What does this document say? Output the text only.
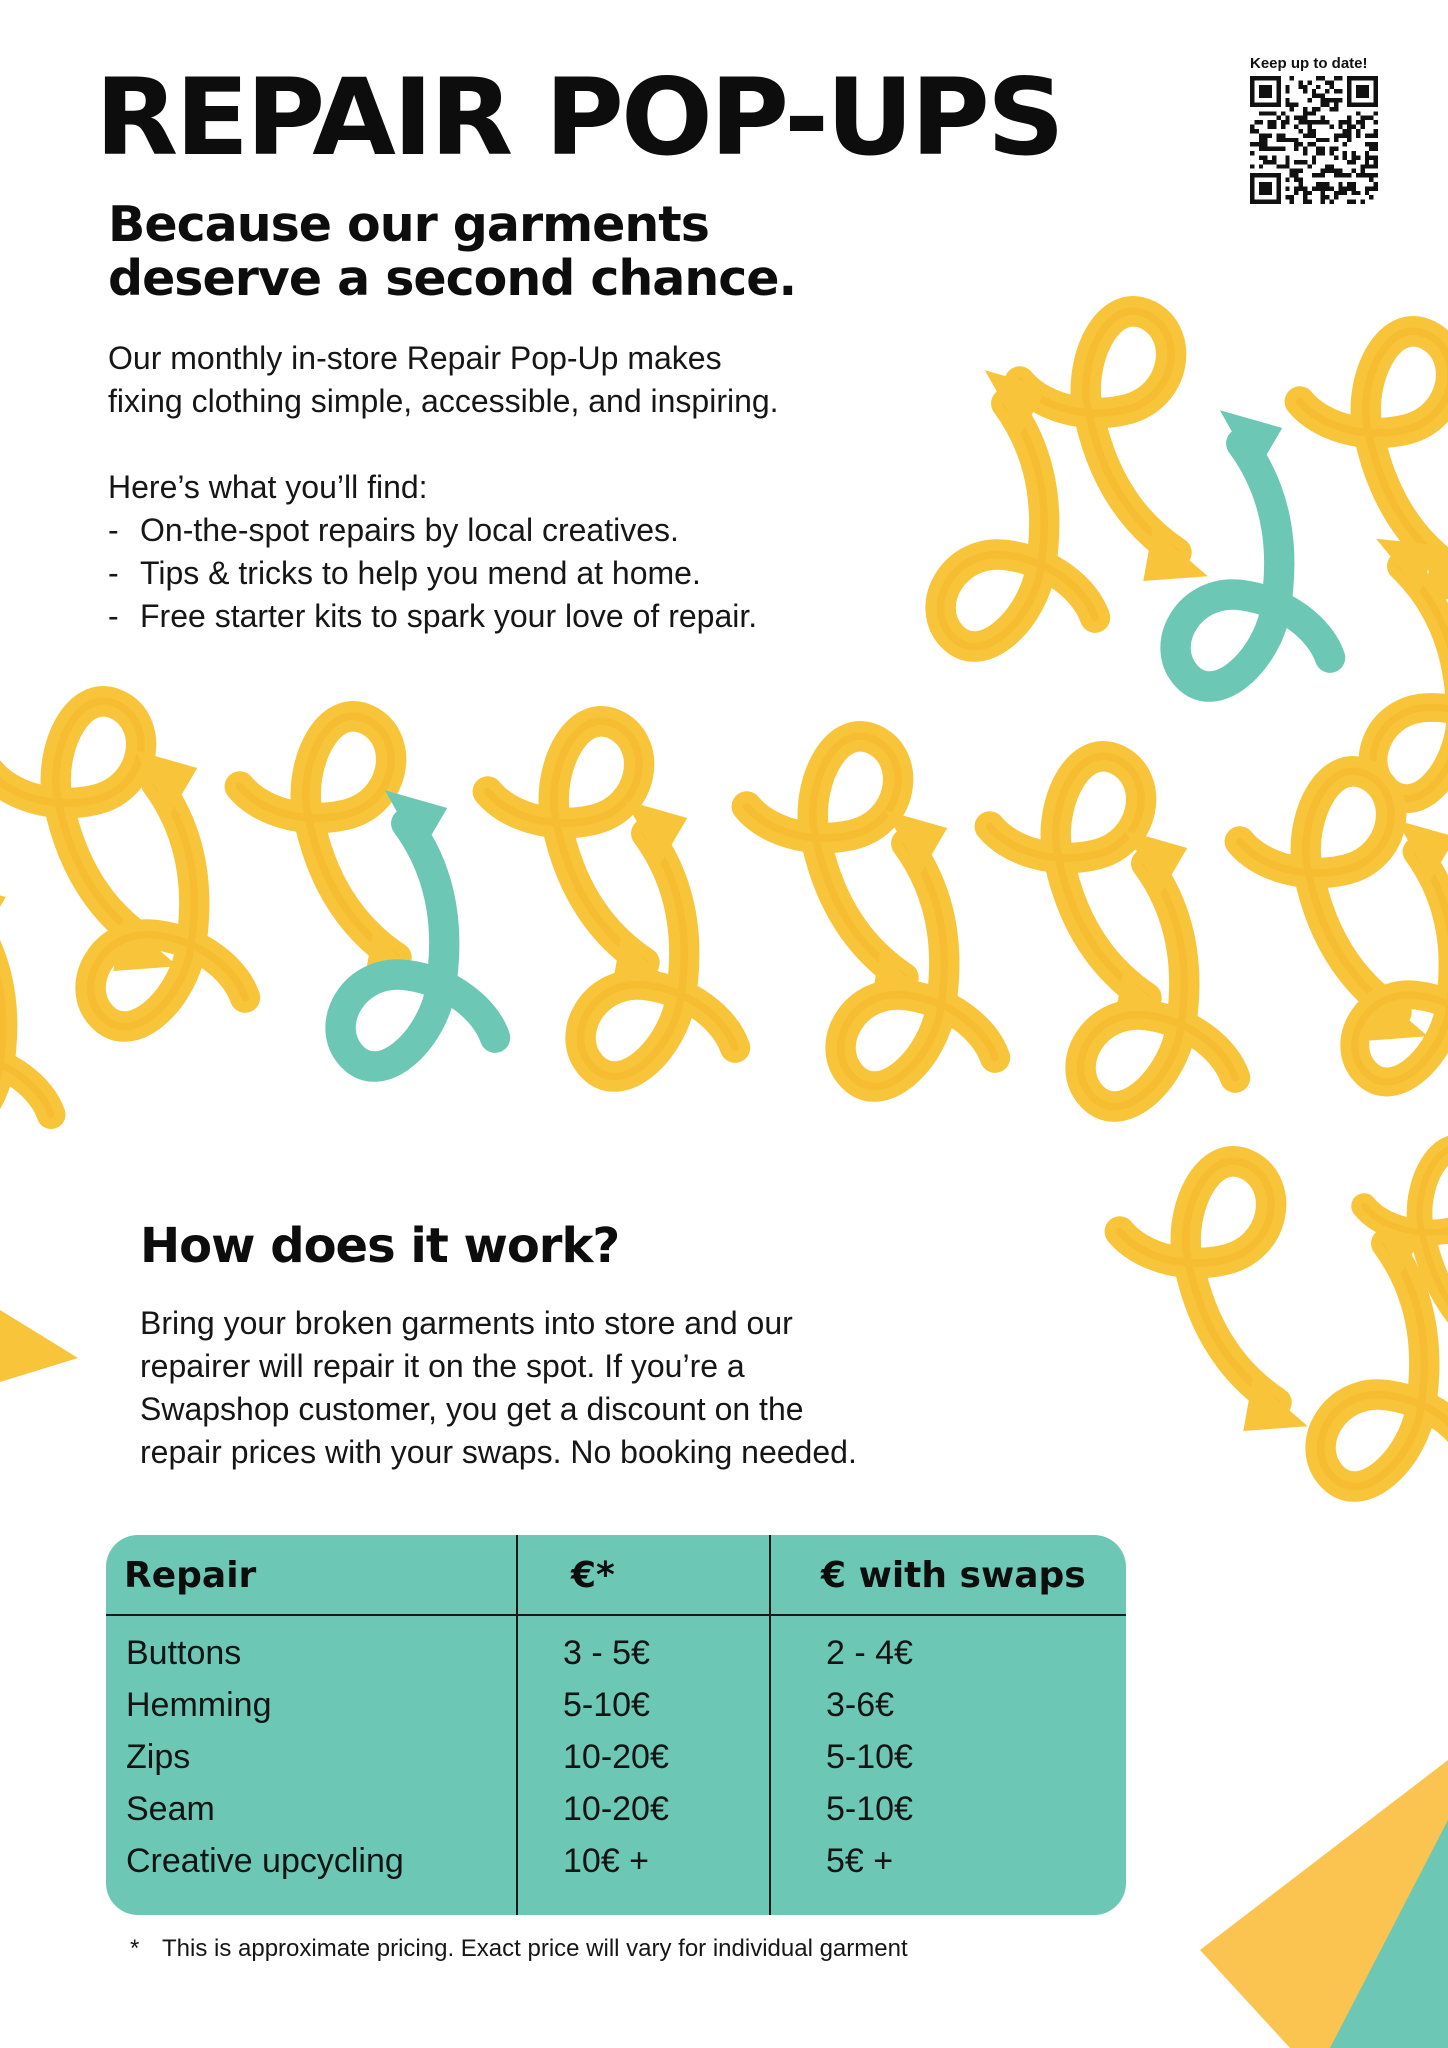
REPAIR POP-UPS
Because our garments
deserve a second chance.
Keep up to date!

Our monthly in-store Repair Pop-Up makes
fixing clothing simple, accessible, and inspiring.

Here’s what you’ll find:

- On-the-spot repairs by local creatives.
- Tips & tricks to help you mend at home.
- Free starter kits to spark your love of repair.
How does it work?

Bring your broken garments into store and our
repairer will repair it on the spot. If you’re a
Swapshop customer, you get a discount on the
repair prices with your swaps. No booking needed.

Repair	€*	€ with swaps
Buttons	3 - 5€	2 - 4€
Hemming	5-10€	3-6€
Zips	10-20€	5-10€
Seam	10-20€	5-10€
Creative upcycling	10€ +	5€ +
* This is approximate pricing. Exact price will vary for individual garment
